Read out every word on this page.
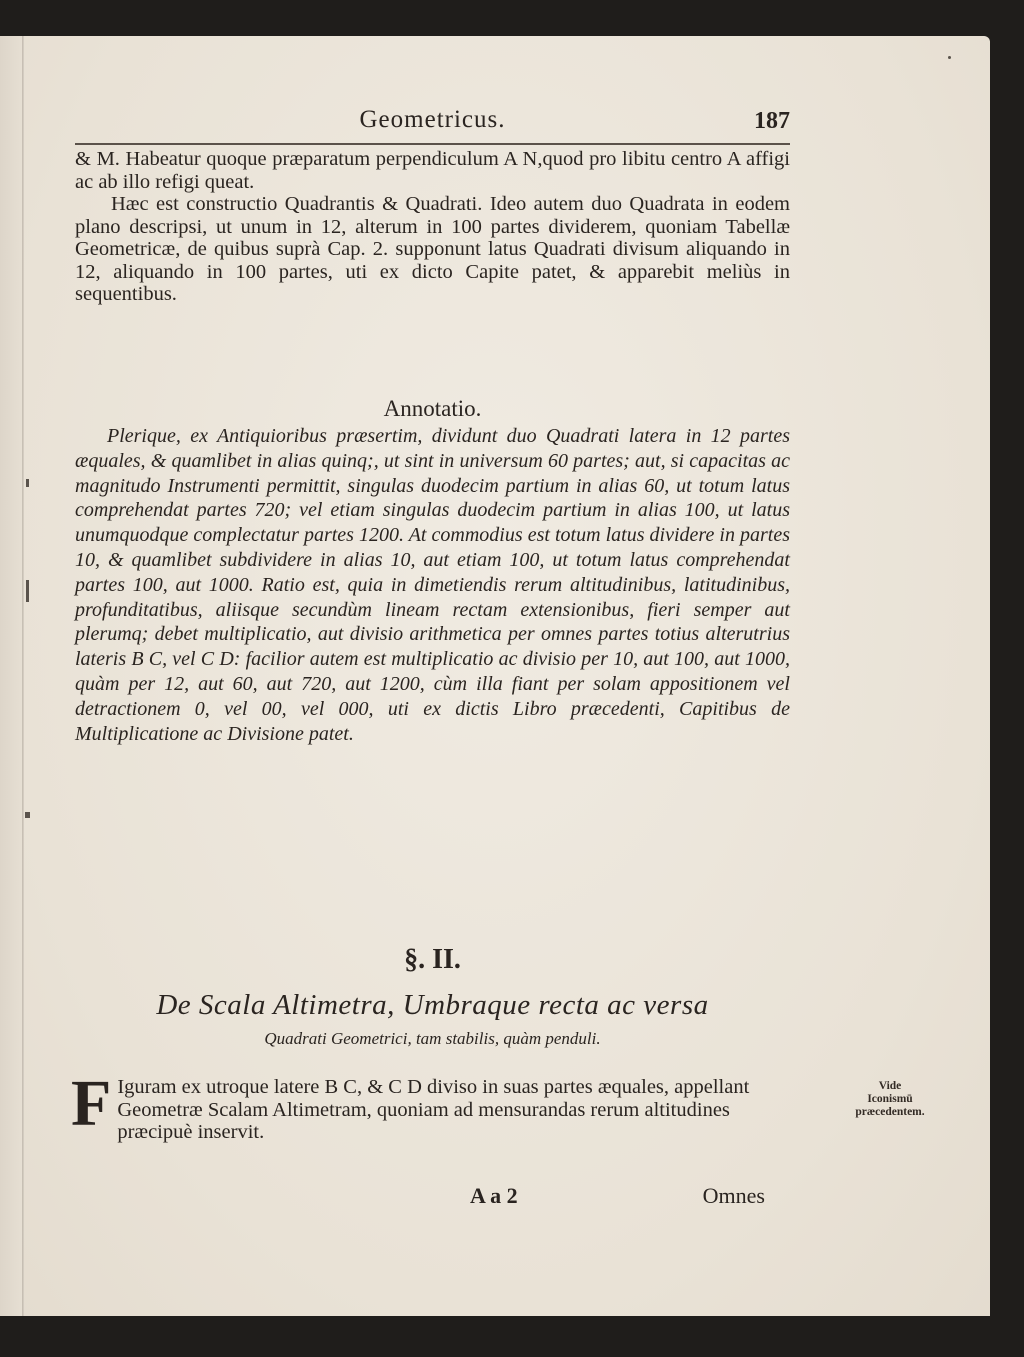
Geometricus.	187

& M. Habeatur quoque præparatum perpendiculum A N,quod pro libitu centro A affigi ac ab illo refigi queat.

Hæc est constructio Quadrantis & Quadrati. Ideo autem duo Quadrata in eodem plano descripsi, ut unum in 12, alterum in 100 partes dividerem, quoniam Tabellæ Geometricæ, de quibus suprà Cap. 2. supponunt latus Quadrati divisum aliquando in 12, aliquando in 100 partes, uti ex dicto Capite patet, & apparebit meliùs in sequentibus.

Annotatio.

Plerique, ex Antiquioribus præsertim, dividunt duo Quadrati latera in 12 partes æquales, & quamlibet in alias quinq;, ut sint in universum 60 partes; aut, si capacitas ac magnitudo Instrumenti permittit, singulas duodecim partium in alias 60, ut totum latus comprehendat partes 720; vel etiam singulas duodecim partium in alias 100, ut latus unumquodque complectatur partes 1200. At commodius est totum latus dividere in partes 10, & quamlibet subdividere in alias 10, aut etiam 100, ut totum latus comprehendat partes 100, aut 1000. Ratio est, quia in dimetiendis rerum altitudinibus, latitudinibus, profunditatibus, aliisque secundùm lineam rectam extensionibus, fieri semper aut plerumq; debet multiplicatio, aut divisio arithmetica per omnes partes totius alterutrius lateris B C, vel C D: facilior autem est multiplicatio ac divisio per 10, aut 100, aut 1000, quàm per 12, aut 60, aut 720, aut 1200, cùm illa fiant per solam appositionem vel detractionem 0, vel 00, vel 000, uti ex dictis Libro præcedenti, Capitibus de Multiplicatione ac Divisione patet.

§. II.
De Scala Altimetra, Umbraque recta ac versa
Quadrati Geometrici, tam stabilis, quàm penduli.
F Iguram ex utroque latere B C, & C D diviso in suas partes æquales, appellant Geometræ Scalam Altimetram, quoniam ad mensurandas rerum altitudines præcipuè inservit.
Vide Iconismū præcedentem.
A a 2	Omnes
